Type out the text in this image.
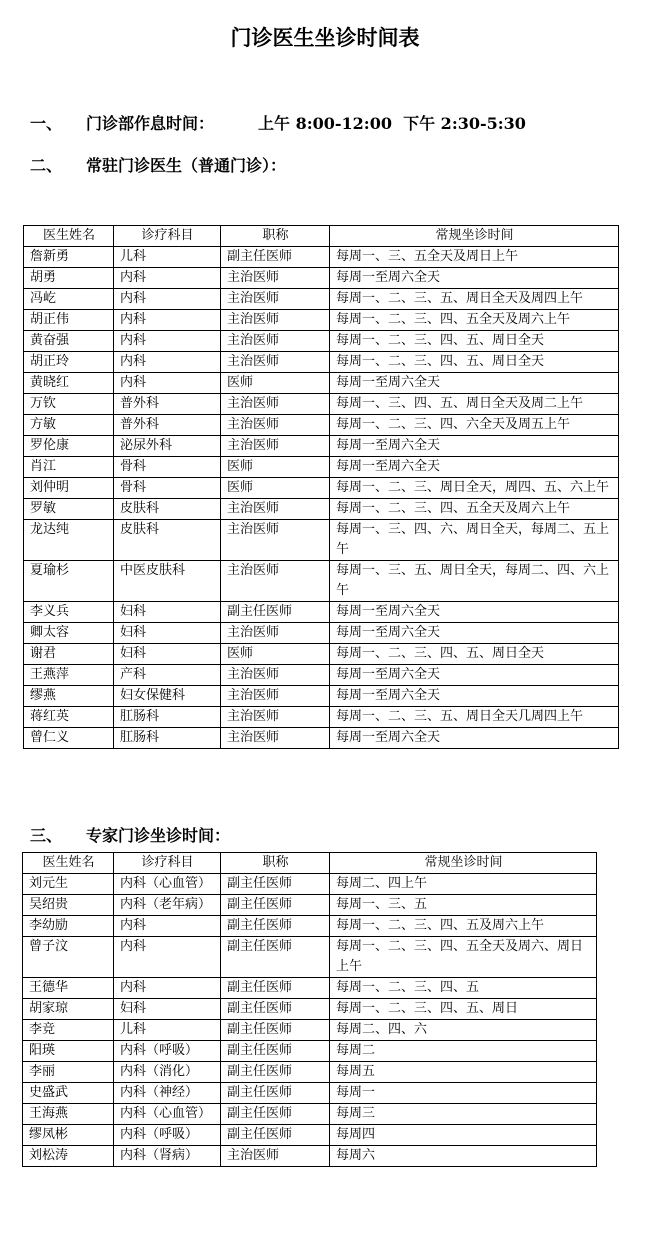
门诊医生坐诊时间表
一、 门诊部作息时间：	上午 8:00-12:00  下午 2:30-5:30
二、 常驻门诊医生（普通门诊）：
医生姓名	诊疗科目	职称	常规坐诊时间
詹新勇	儿科	副主任医师	每周一、三、五全天及周日上午
胡勇	内科	主治医师	每周一至周六全天
冯屹	内科	主治医师	每周一、二、三、五、周日全天及周四上午
胡正伟	内科	主治医师	每周一、二、三、四、五全天及周六上午
黄奋强	内科	主治医师	每周一、二、三、四、五、周日全天
胡正玲	内科	主治医师	每周一、二、三、四、五、周日全天
黄晓红	内科	医师	每周一至周六全天
万钦	普外科	主治医师	每周一、三、四、五、周日全天及周二上午
方敏	普外科	主治医师	每周一、二、三、四、六全天及周五上午
罗伦康	泌尿外科	主治医师	每周一至周六全天
肖江	骨科	医师	每周一至周六全天
刘仲明	骨科	医师	每周一、二、三、周日全天，周四、五、六上午
罗敏	皮肤科	主治医师	每周一、二、三、四、五全天及周六上午
龙达纯	皮肤科	主治医师	每周一、三、四、六、周日全天，每周二、五上午
夏瑜杉	中医皮肤科	主治医师	每周一、三、五、周日全天，每周二、四、六上午
李义兵	妇科	副主任医师	每周一至周六全天
卿太容	妇科	主治医师	每周一至周六全天
谢君	妇科	医师	每周一、二、三、四、五、周日全天
王燕萍	产科	主治医师	每周一至周六全天
缪燕	妇女保健科	主治医师	每周一至周六全天
蒋红英	肛肠科	主治医师	每周一、二、三、五、周日全天几周四上午
曾仁义	肛肠科	主治医师	每周一至周六全天
三、 专家门诊坐诊时间：
医生姓名	诊疗科目	职称	常规坐诊时间
刘元生	内科（心血管）	副主任医师	每周二、四上午
吴绍贵	内科（老年病）	副主任医师	每周一、三、五
李幼励	内科	副主任医师	每周一、二、三、四、五及周六上午
曾子汶	内科	副主任医师	每周一、二、三、四、五全天及周六、周日上午
王德华	内科	副主任医师	每周一、二、三、四、五
胡家琼	妇科	副主任医师	每周一、二、三、四、五、周日
李竞	儿科	副主任医师	每周二、四、六
阳瑛	内科（呼吸）	副主任医师	每周二
李丽	内科（消化）	副主任医师	每周五
史盛武	内科（神经）	副主任医师	每周一
王海燕	内科（心血管）	副主任医师	每周三
缪凤彬	内科（呼吸）	副主任医师	每周四
刘松涛	内科（肾病）	主治医师	每周六
